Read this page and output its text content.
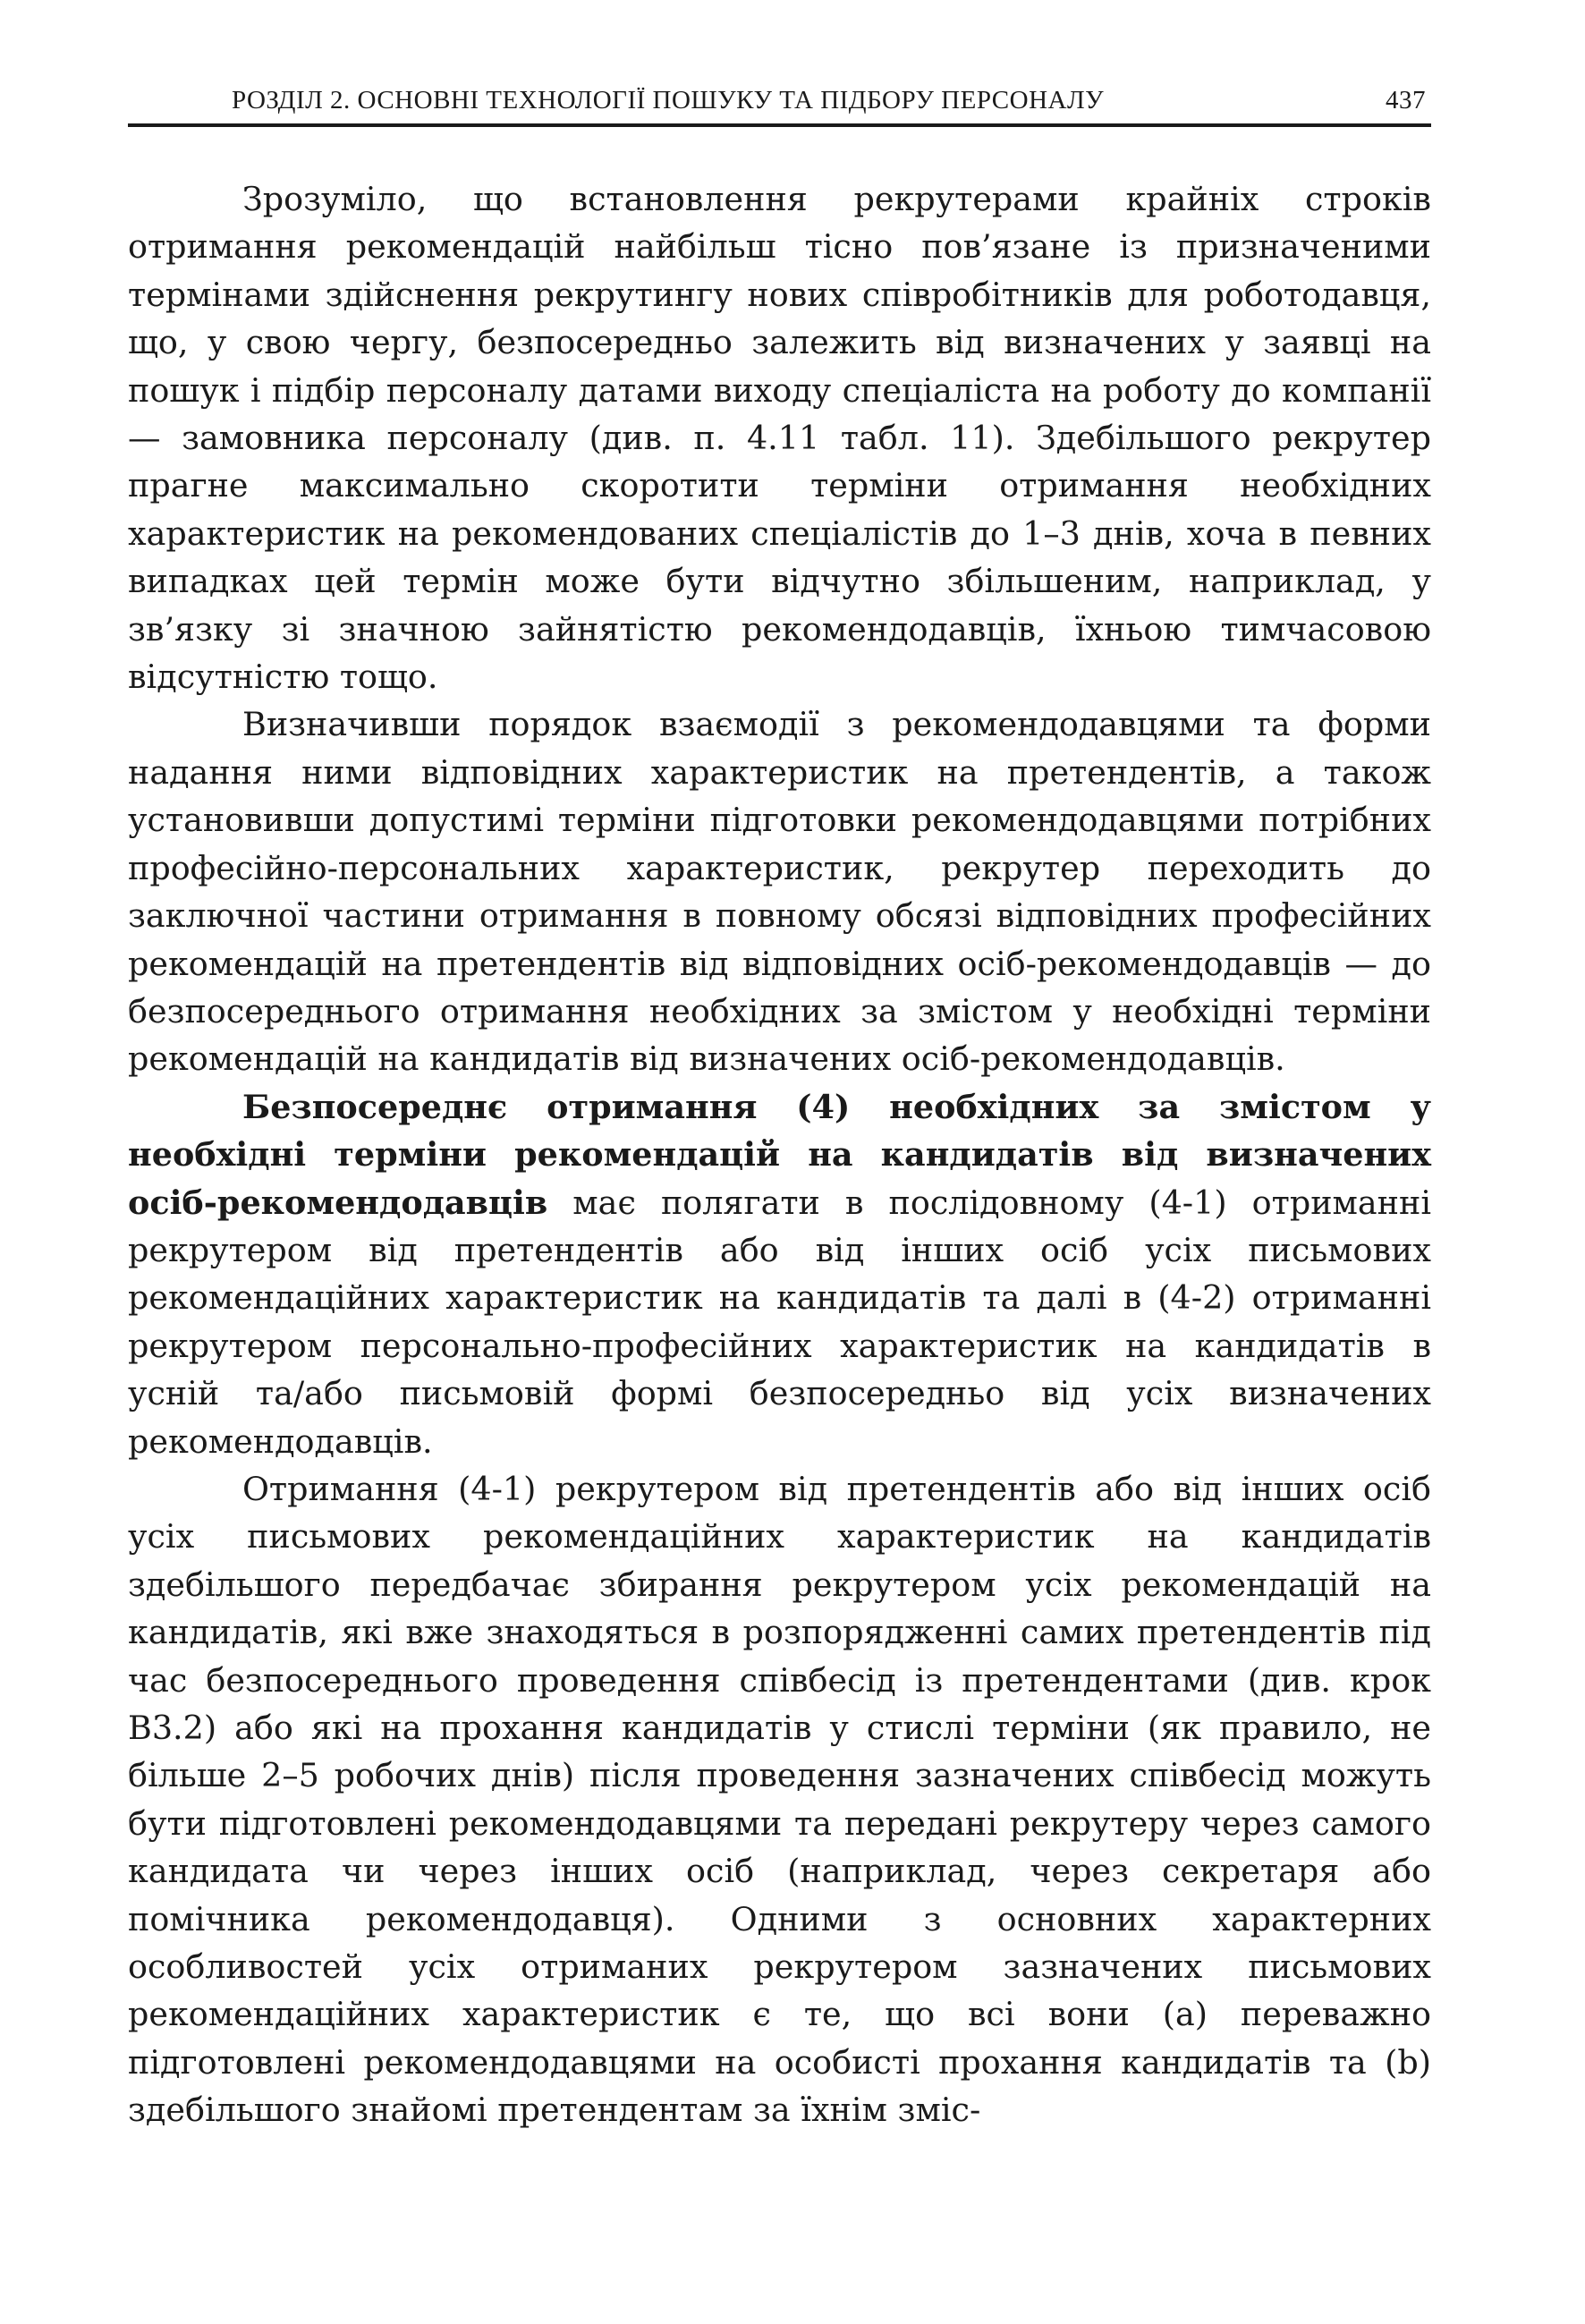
РОЗДІЛ 2. ОСНОВНІ ТЕХНОЛОГІЇ ПОШУКУ ТА ПІДБОРУ ПЕРСОНАЛУ	437

Зрозуміло, що встановлення рекрутерами крайніх строків отримання рекомендацій найбільш тісно пов’язане із призначеними термінами здійснення рекрутингу нових співробітників для роботодавця, що, у свою чергу, безпосередньо залежить від визначених у заявці на пошук і підбір персоналу датами виходу спеціаліста на роботу до компанії — замовника персоналу (див. п. 4.11 табл. 11). Здебільшого рекрутер прагне максимально скоротити терміни отримання необхідних характеристик на рекомендованих спеціалістів до 1–3 днів, хоча в певних випадках цей термін може бути відчутно збільшеним, наприклад, у зв’язку зі значною зайнятістю рекомендодавців, їхньою тимчасовою відсутністю тощо.

Визначивши порядок взаємодії з рекомендодавцями та форми надання ними відповідних характеристик на претендентів, а також установивши допустимі терміни підготовки рекомендодавцями потрібних професійно-персональних характеристик, рекрутер переходить до заключної частини отримання в повному обсязі відповідних професійних рекомендацій на претендентів від відповідних осіб-рекомендодавців — до безпосереднього отримання необхідних за змістом у необхідні терміни рекомендацій на кандидатів від визначених осіб-рекомендодавців.

Безпосереднє отримання (4) необхідних за змістом у необхідні терміни рекомендацій на кандидатів від визначених осіб-рекомендодавців має полягати в послідовному (4-1) отриманні рекрутером від претендентів або від інших осіб усіх письмових рекомендаційних характеристик на кандидатів та далі в (4-2) отриманні рекрутером персонально-професійних характеристик на кандидатів в усній та/або письмовій формі безпосередньо від усіх визначених рекомендодавців.

Отримання (4-1) рекрутером від претендентів або від інших осіб усіх письмових рекомендаційних характеристик на кандидатів здебільшого передбачає збирання рекрутером усіх рекомендацій на кандидатів, які вже знаходяться в розпорядженні самих претендентів під час безпосереднього проведення співбесід із претендентами (див. крок В3.2) або які на прохання кандидатів у стислі терміни (як правило, не більше 2–5 робочих днів) після проведення зазначених співбесід можуть бути підготовлені рекомендодавцями та передані рекрутеру через самого кандидата чи через інших осіб (наприклад, через секретаря або помічника рекомендодавця). Одними з основних характерних особливостей усіх отриманих рекрутером зазначених письмових рекомендаційних характеристик є те, що всі вони (а) переважно підготовлені рекомендодавцями на особисті прохання кандидатів та (b) здебільшого знайомі претендентам за їхнім зміс-
